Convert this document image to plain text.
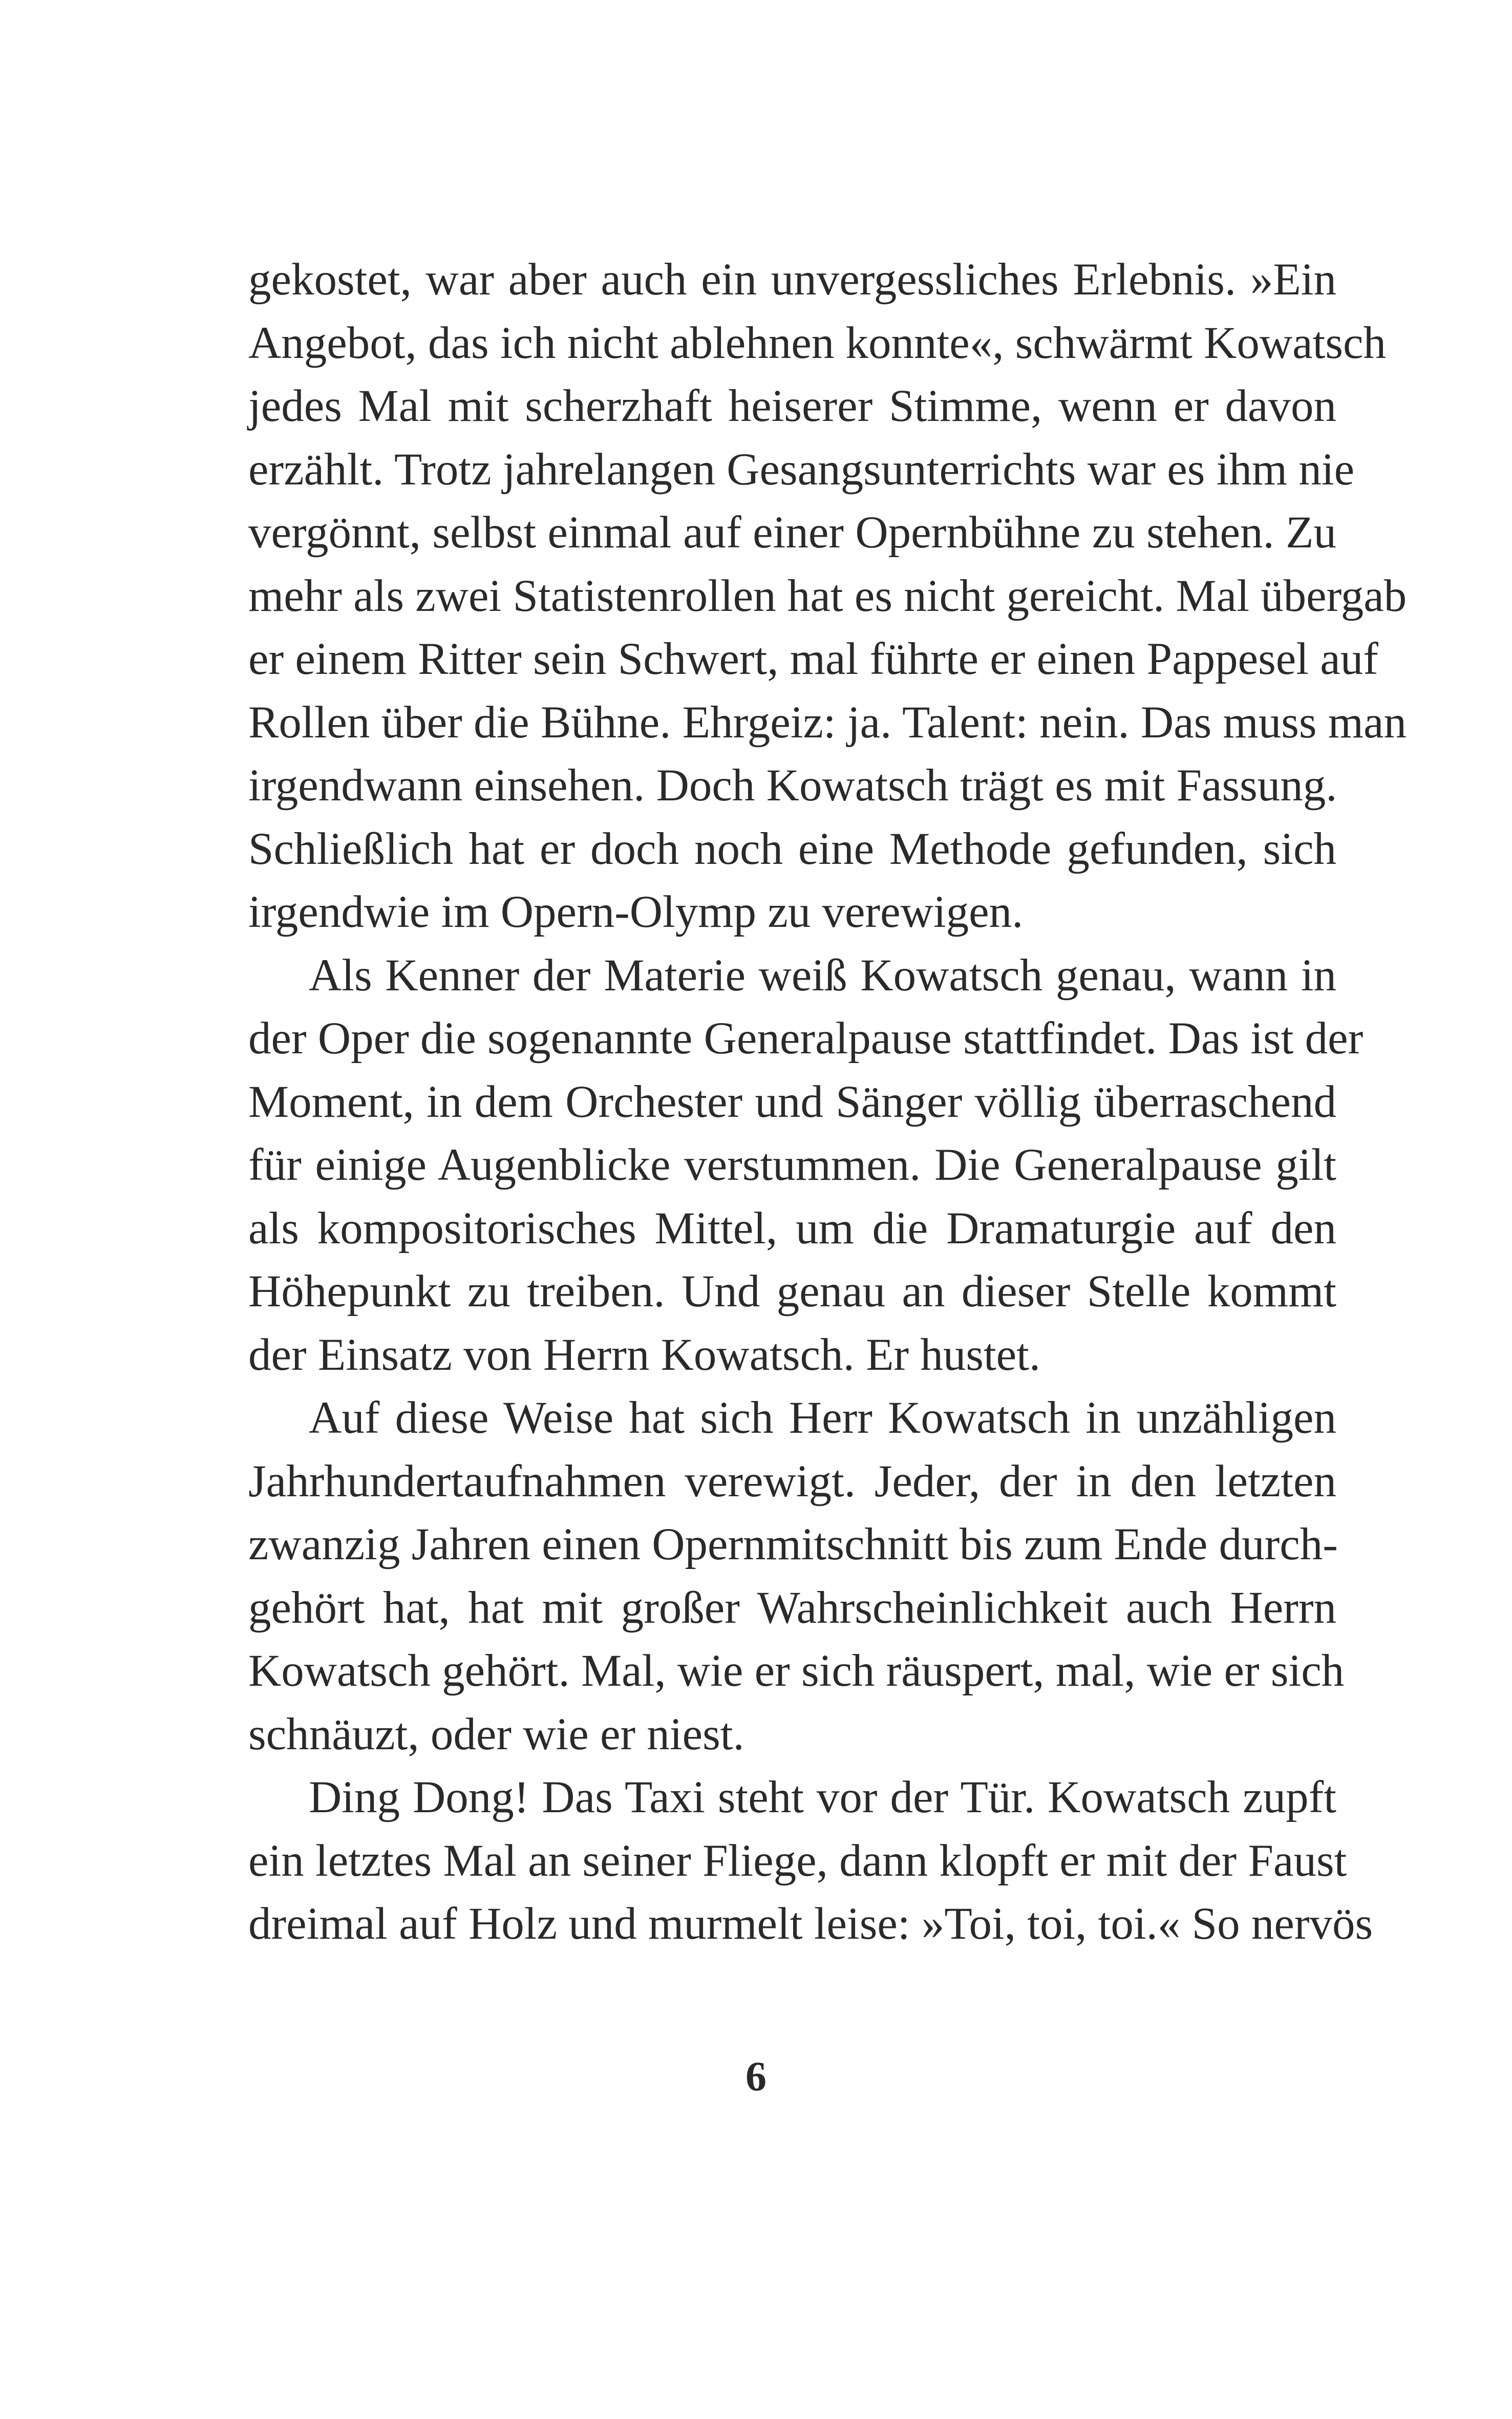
gekostet, war aber auch ein unvergessliches Erlebnis. »Ein
Angebot, das ich nicht ablehnen konnte«, schwärmt Kowatsch
jedes Mal mit scherzhaft heiserer Stimme, wenn er davon
erzählt. Trotz jahrelangen Gesangsunterrichts war es ihm nie
vergönnt, selbst einmal auf einer Opernbühne zu stehen. Zu
mehr als zwei Statistenrollen hat es nicht gereicht. Mal übergab
er einem Ritter sein Schwert, mal führte er einen Pappesel auf
Rollen über die Bühne. Ehrgeiz: ja. Talent: nein. Das muss man
irgendwann einsehen. Doch Kowatsch trägt es mit Fassung.
Schließlich hat er doch noch eine Methode gefunden, sich
irgendwie im Opern-Olymp zu verewigen.

Als Kenner der Materie weiß Kowatsch genau, wann in
der Oper die sogenannte Generalpause stattfindet. Das ist der
Moment, in dem Orchester und Sänger völlig überraschend
für einige Augenblicke verstummen. Die Generalpause gilt
als kompositorisches Mittel, um die Dramaturgie auf den
Höhepunkt zu treiben. Und genau an dieser Stelle kommt
der Einsatz von Herrn Kowatsch. Er hustet.

Auf diese Weise hat sich Herr Kowatsch in unzähligen
Jahrhundertaufnahmen verewigt. Jeder, der in den letzten
zwanzig Jahren einen Opernmitschnitt bis zum Ende durch-
gehört hat, hat mit großer Wahrscheinlichkeit auch Herrn
Kowatsch gehört. Mal, wie er sich räuspert, mal, wie er sich
schnäuzt, oder wie er niest.

Ding Dong! Das Taxi steht vor der Tür. Kowatsch zupft
ein letztes Mal an seiner Fliege, dann klopft er mit der Faust
dreimal auf Holz und murmelt leise: »Toi, toi, toi.« So nervös

6
